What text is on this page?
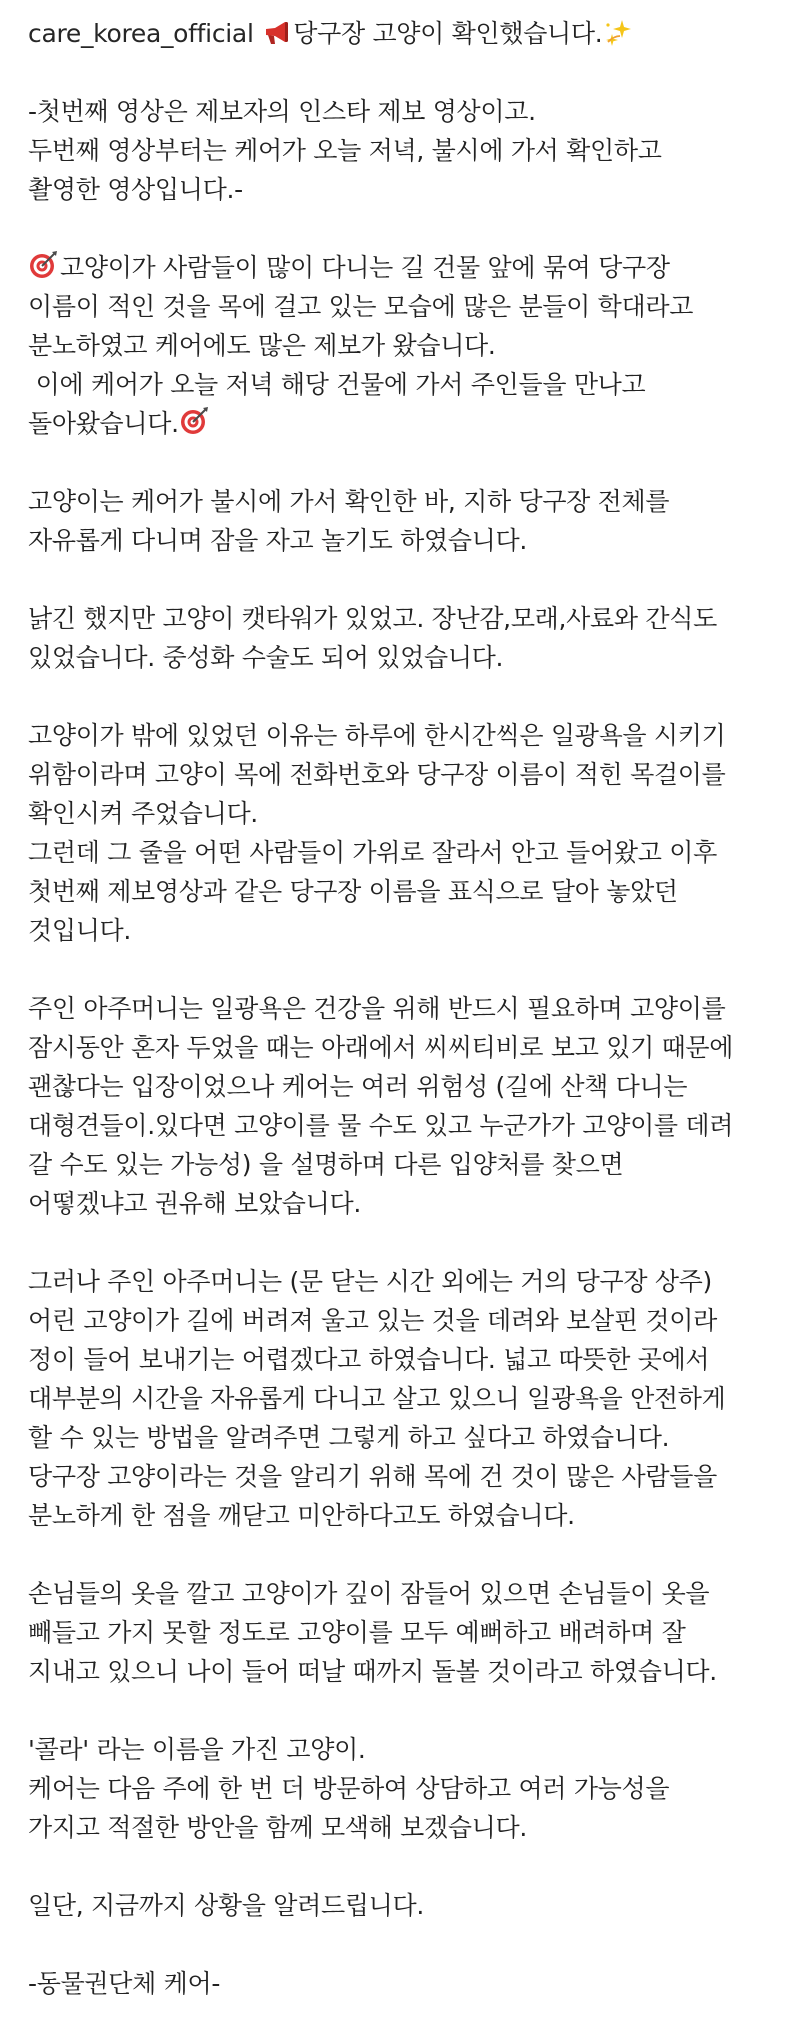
care_korea_official 당구장 고양이 확인했습니다.
-첫번째 영상은 제보자의 인스타 제보 영상이고.
두번째 영상부터는 케어가 오늘 저녁, 불시에 가서 확인하고
촬영한 영상입니다.-
고양이가 사람들이 많이 다니는 길 건물 앞에 묶여 당구장
이름이 적인 것을 목에 걸고 있는 모습에 많은 분들이 학대라고
분노하였고 케어에도 많은 제보가 왔습니다.
이에 케어가 오늘 저녁 해당 건물에 가서 주인들을 만나고
돌아왔습니다.
고양이는 케어가 불시에 가서 확인한 바, 지하 당구장 전체를
자유롭게 다니며 잠을 자고 놀기도 하였습니다.
낡긴 했지만 고양이 캣타워가 있었고. 장난감,모래,사료와 간식도
있었습니다. 중성화 수술도 되어 있었습니다.
고양이가 밖에 있었던 이유는 하루에 한시간씩은 일광욕을 시키기
위함이라며 고양이 목에 전화번호와 당구장 이름이 적힌 목걸이를
확인시켜 주었습니다.
그런데 그 줄을 어떤 사람들이 가위로 잘라서 안고 들어왔고 이후
첫번째 제보영상과 같은 당구장 이름을 표식으로 달아 놓았던
것입니다.
주인 아주머니는 일광욕은 건강을 위해 반드시 필요하며 고양이를
잠시동안 혼자 두었을 때는 아래에서 씨씨티비로 보고 있기 때문에
괜찮다는 입장이었으나 케어는 여러 위험성 (길에 산책 다니는
대형견들이.있다면 고양이를 물 수도 있고 누군가가 고양이를 데려
갈 수도 있는 가능성) 을 설명하며 다른 입양처를 찾으면
어떻겠냐고 권유해 보았습니다.
그러나 주인 아주머니는 (문 닫는 시간 외에는 거의 당구장 상주)
어린 고양이가 길에 버려져 울고 있는 것을 데려와 보살핀 것이라
정이 들어 보내기는 어렵겠다고 하였습니다. 넓고 따뜻한 곳에서
대부분의 시간을 자유롭게 다니고 살고 있으니 일광욕을 안전하게
할 수 있는 방법을 알려주면 그렇게 하고 싶다고 하였습니다.
당구장 고양이라는 것을 알리기 위해 목에 건 것이 많은 사람들을
분노하게 한 점을 깨닫고 미안하다고도 하였습니다.
손님들의 옷을 깔고 고양이가 깊이 잠들어 있으면 손님들이 옷을
빼들고 가지 못할 정도로 고양이를 모두 예뻐하고 배려하며 잘
지내고 있으니 나이 들어 떠날 때까지 돌볼 것이라고 하였습니다.
'콜라' 라는 이름을 가진 고양이.
케어는 다음 주에 한 번 더 방문하여 상담하고 여러 가능성을
가지고 적절한 방안을 함께 모색해 보겠습니다.
일단, 지금까지 상황을 알려드립니다.
-동물권단체 케어-
